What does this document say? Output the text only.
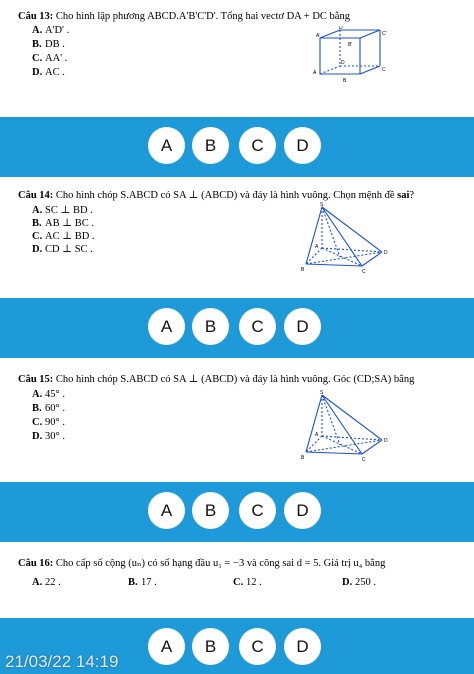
Câu 13: Cho hình lập phương ABCD.A'B'C'D'. Tổng hai vectơ DA + DC bằng
A. A'D' .
B. DB .
C. AA' .
D. AC .
A'
D'
B'
C'
A
D
B
C
A	B	C	D
Câu 14: Cho hình chóp S.ABCD có SA ⊥ (ABCD) và đáy là hình vuông. Chọn mệnh đề sai?
A. SC ⊥ BD .
B. AB ⊥ BC .
C. AC ⊥ BD .
D. CD ⊥ SC .
S
A
B	C
D
A	B	C	D
Câu 15: Cho hình chóp S.ABCD có SA ⊥ (ABCD) và đáy là hình vuông. Góc (CD;SA) bằng
A. 45° .
B. 60° .
C. 90° .
D. 30° .
S
A
B	C
D
A	B	C	D
Câu 16: Cho cấp số cộng (uₙ) có số hạng đầu u₁ = −3 và công sai d = 5. Giá trị u₄ bằng
A. 22 .	B. 17 .	C. 12 .	D. 250 .
A	B	C	D
21/03/22 14:19
